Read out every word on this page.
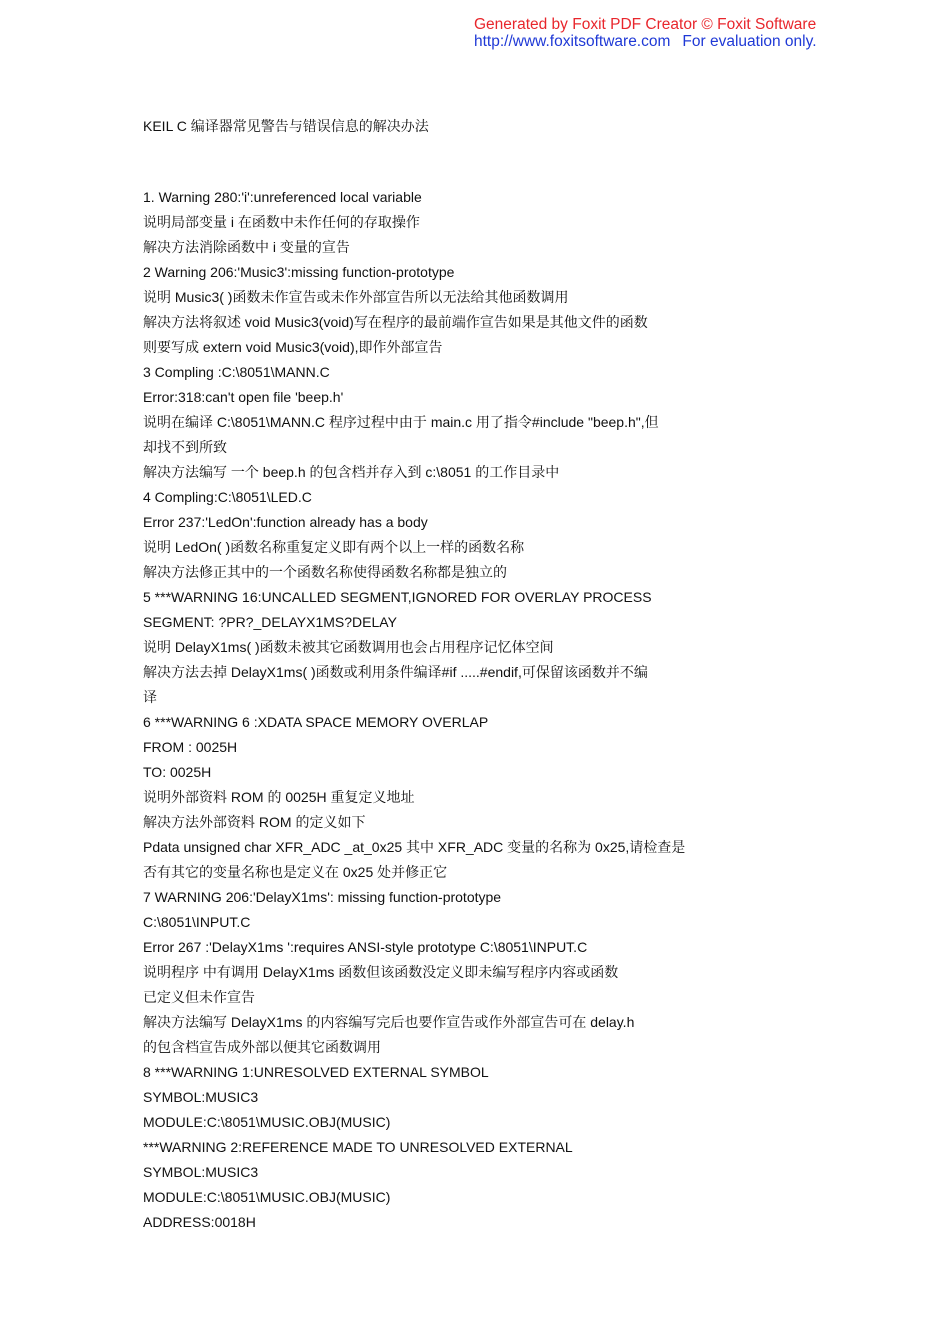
Generated by Foxit PDF Creator © Foxit Software
http://www.foxitsoftware.com For evaluation only.
KEIL C 编译器常见警告与错误信息的解决办法
1. Warning 280:'i':unreferenced local variable
说明局部变量 i 在函数中未作任何的存取操作
解决方法消除函数中 i 变量的宣告
2 Warning 206:'Music3':missing function-prototype
说明 Music3( )函数未作宣告或未作外部宣告所以无法给其他函数调用
解决方法将叙述 void Music3(void)写在程序的最前端作宣告如果是其他文件的函数
则要写成 extern void Music3(void),即作外部宣告
3 Compling :C:\8051\MANN.C
Error:318:can't open file 'beep.h'
说明在编译 C:\8051\MANN.C 程序过程中由于 main.c 用了指令#include "beep.h",但
却找不到所致
解决方法编写 一个 beep.h 的包含档并存入到 c:\8051 的工作目录中
4 Compling:C:\8051\LED.C
Error 237:'LedOn':function already has a body
说明 LedOn( )函数名称重复定义即有两个以上一样的函数名称
解决方法修正其中的一个函数名称使得函数名称都是独立的
5 ***WARNING 16:UNCALLED SEGMENT,IGNORED FOR OVERLAY PROCESS
SEGMENT: ?PR?_DELAYX1MS?DELAY
说明 DelayX1ms( )函数未被其它函数调用也会占用程序记忆体空间
解决方法去掉 DelayX1ms( )函数或利用条件编译#if .....#endif,可保留该函数并不编
译
6 ***WARNING 6 :XDATA SPACE MEMORY OVERLAP
FROM : 0025H
TO: 0025H
说明外部资料 ROM 的 0025H 重复定义地址
解决方法外部资料 ROM 的定义如下
Pdata unsigned char XFR_ADC _at_0x25 其中 XFR_ADC 变量的名称为 0x25,请检查是
否有其它的变量名称也是定义在 0x25 处并修正它
7 WARNING 206:'DelayX1ms': missing function-prototype
C:\8051\INPUT.C
Error 267 :'DelayX1ms ':requires ANSI-style prototype C:\8051\INPUT.C
说明程序 中有调用 DelayX1ms 函数但该函数没定义即未编写程序内容或函数
已定义但未作宣告
解决方法编写 DelayX1ms 的内容编写完后也要作宣告或作外部宣告可在 delay.h
的包含档宣告成外部以便其它函数调用
8 ***WARNING 1:UNRESOLVED EXTERNAL SYMBOL
SYMBOL:MUSIC3
MODULE:C:\8051\MUSIC.OBJ(MUSIC)
***WARNING 2:REFERENCE MADE TO UNRESOLVED EXTERNAL
SYMBOL:MUSIC3
MODULE:C:\8051\MUSIC.OBJ(MUSIC)
ADDRESS:0018H
